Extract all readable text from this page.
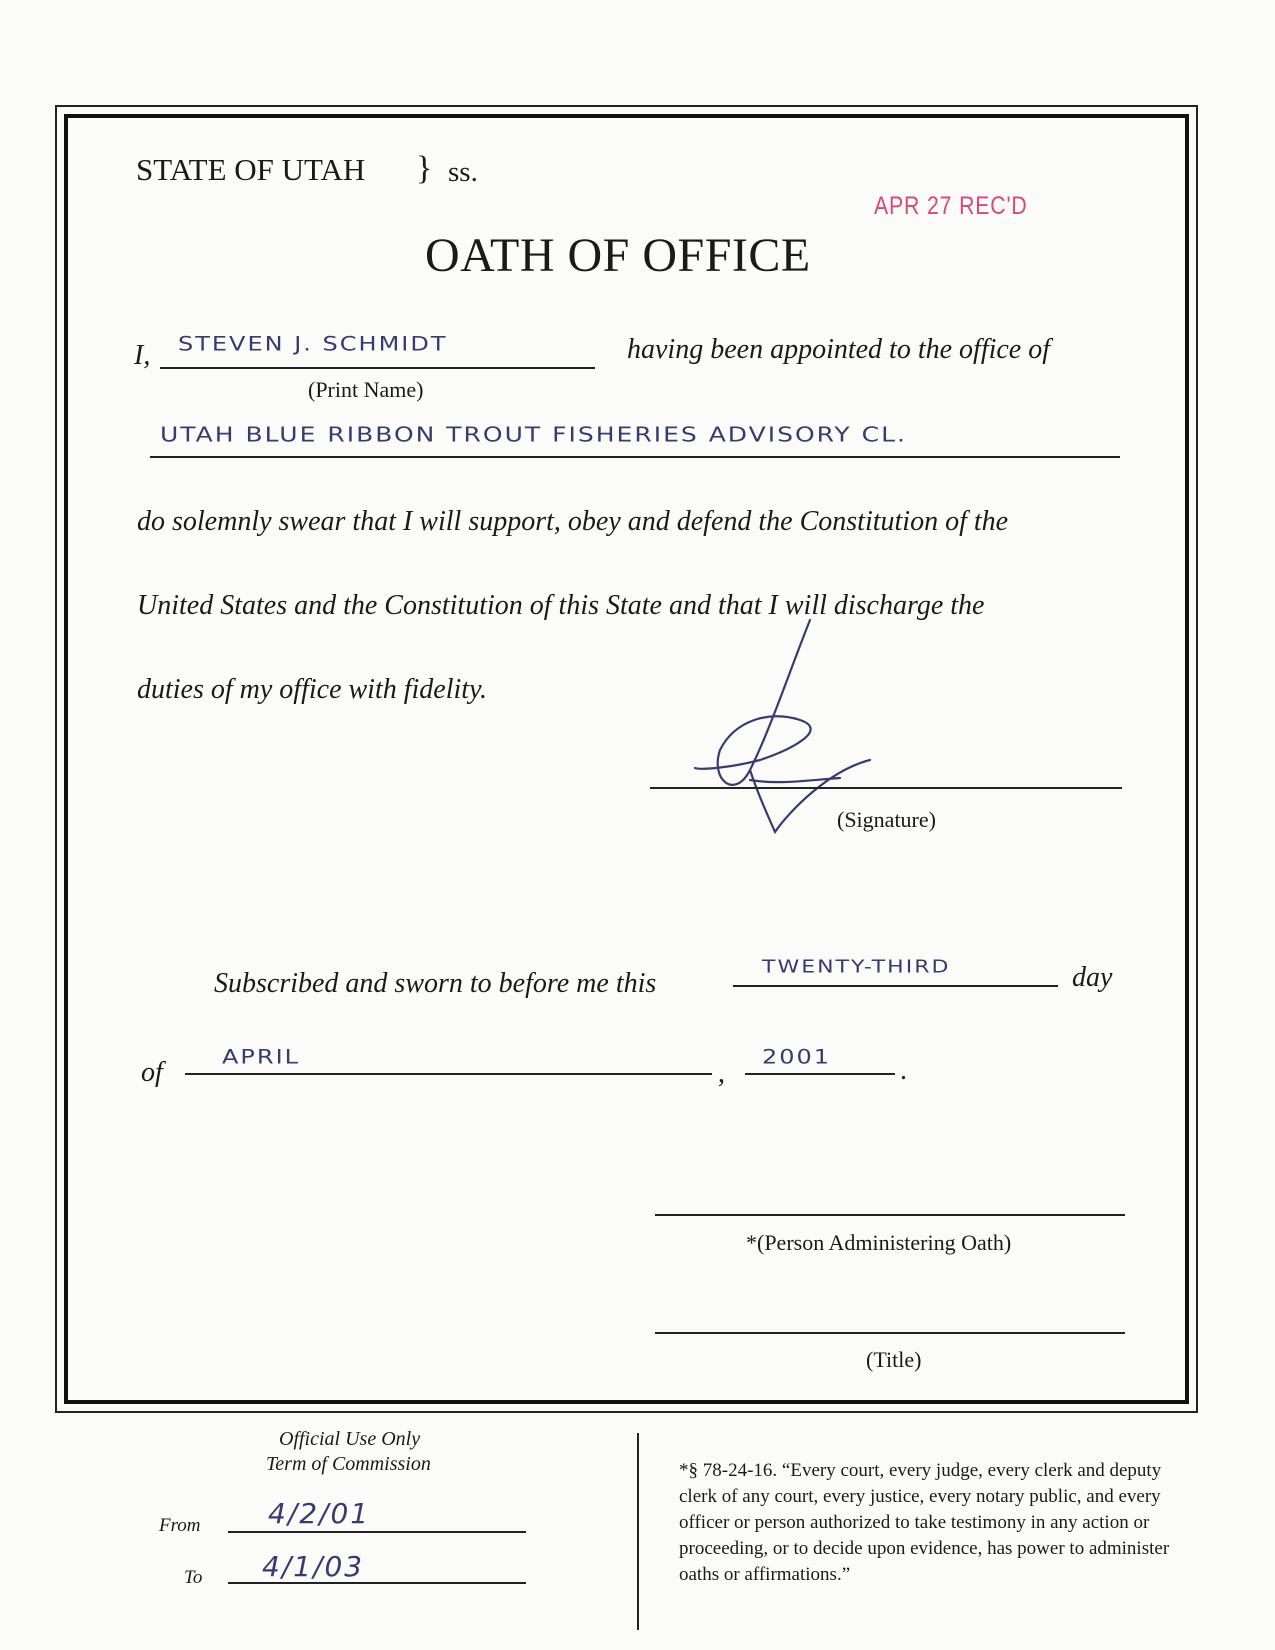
STATE OF UTAH } ss.
APR 27 REC'D
OATH OF OFFICE
I, STEVEN J. SCHMIDT	having been appointed to the office of
(Print Name)
UTAH BLUE RIBBON TROUT FISHERIES ADVISORY CL.
do solemnly swear that I will support, obey and defend the Constitution of the
United States and the Constitution of this State and that I will discharge the
duties of my office with fidelity.
(Signature)
Subscribed and sworn to before me this
TWENTY-THIRD	day
of APRIL
,
2001 .
*(Person Administering Oath)
(Title)
Official Use Only
Term of Commission
From 4/2/01
To 4/1/03
*§ 78-24-16. “Every court, every judge, every clerk and deputy clerk of any court, every justice, every notary public, and every officer or person authorized to take testimony in any action or proceeding, or to decide upon evidence, has power to administer oaths or affirmations.”
